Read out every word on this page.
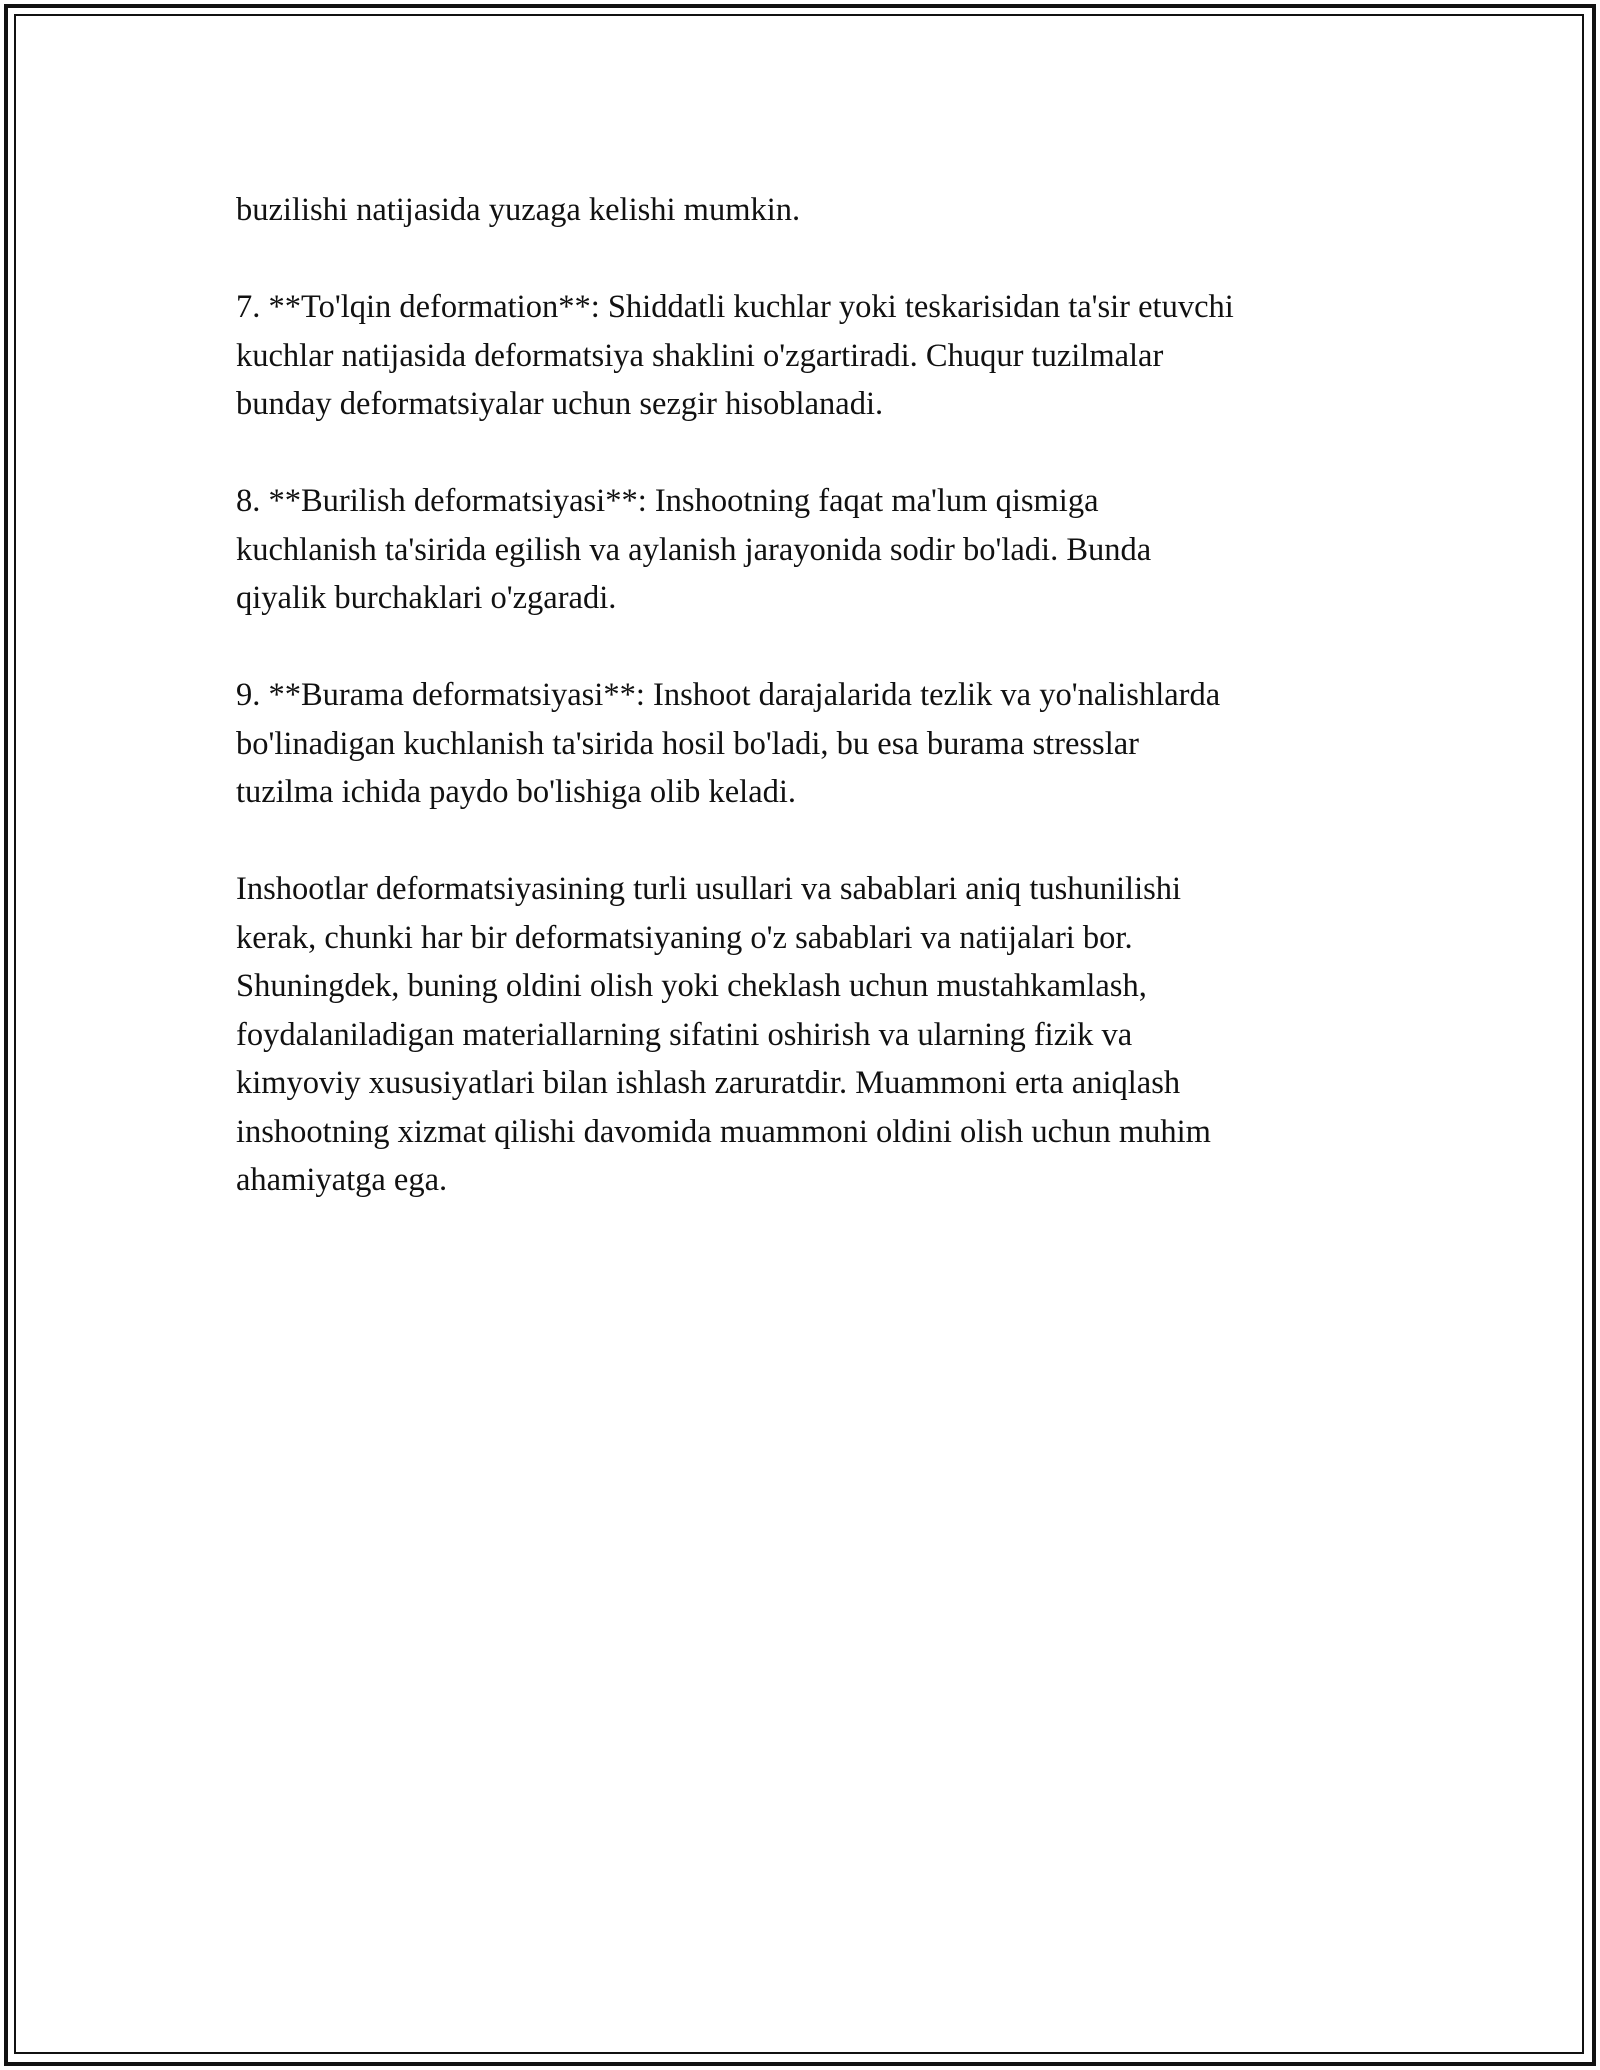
buzilishi natijasida yuzaga kelishi mumkin.

7. **To'lqin deformation**: Shiddatli kuchlar yoki teskarisidan ta'sir etuvchi
kuchlar natijasida deformatsiya shaklini o'zgartiradi. Chuqur tuzilmalar
bunday deformatsiyalar uchun sezgir hisoblanadi.

8. **Burilish deformatsiyasi**: Inshootning faqat ma'lum qismiga
kuchlanish ta'sirida egilish va aylanish jarayonida sodir bo'ladi. Bunda
qiyalik burchaklari o'zgaradi.

9. **Burama deformatsiyasi**: Inshoot darajalarida tezlik va yo'nalishlarda
bo'linadigan kuchlanish ta'sirida hosil bo'ladi, bu esa burama stresslar
tuzilma ichida paydo bo'lishiga olib keladi.

Inshootlar deformatsiyasining turli usullari va sabablari aniq tushunilishi
kerak, chunki har bir deformatsiyaning o'z sabablari va natijalari bor.
Shuningdek, buning oldini olish yoki cheklash uchun mustahkamlash,
foydalaniladigan materiallarning sifatini oshirish va ularning fizik va
kimyoviy xususiyatlari bilan ishlash zaruratdir. Muammoni erta aniqlash
inshootning xizmat qilishi davomida muammoni oldini olish uchun muhim
ahamiyatga ega.
